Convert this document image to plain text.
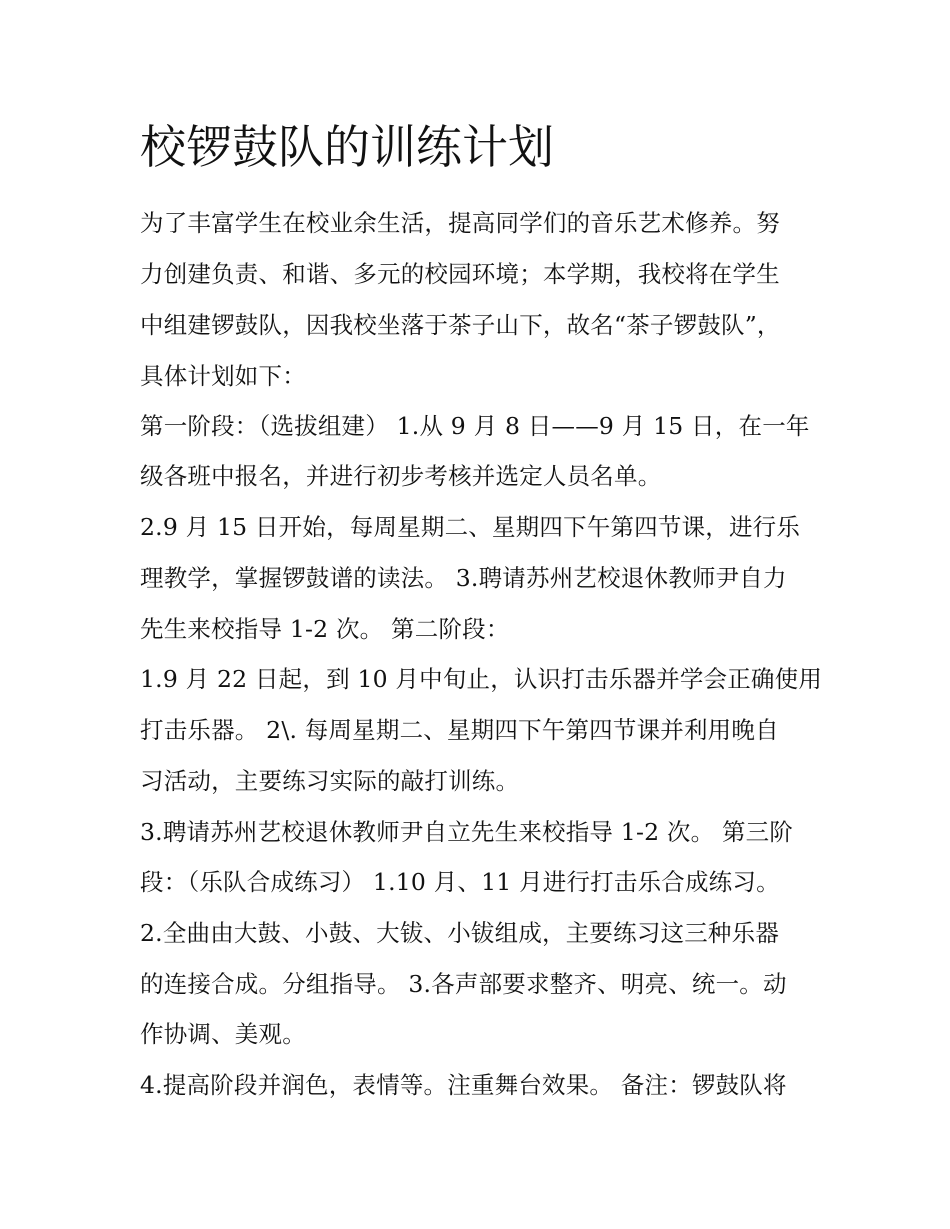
校锣鼓队的训练计划
为了丰富学生在校业余生活，提高同学们的音乐艺术修养。努
力创建负责、和谐、多元的校园环境；本学期，我校将在学生
中组建锣鼓队，因我校坐落于茶子山下，故名“茶子锣鼓队”，
具体计划如下：
第一阶段：（选拔组建） 1.从 9 月 8 日——9 月 15 日，在一年
级各班中报名，并进行初步考核并选定人员名单。
2.9 月 15 日开始，每周星期二、星期四下午第四节课，进行乐
理教学，掌握锣鼓谱的读法。 3.聘请苏州艺校退休教师尹自力
先生来校指导 1-2 次。 第二阶段：
1.9 月 22 日起，到 10 月中旬止，认识打击乐器并学会正确使用
打击乐器。 2\. 每周星期二、星期四下午第四节课并利用晚自
习活动，主要练习实际的敲打训练。
3.聘请苏州艺校退休教师尹自立先生来校指导 1-2 次。 第三阶
段：（乐队合成练习） 1.10 月、11 月进行打击乐合成练习。
2.全曲由大鼓、小鼓、大钹、小钹组成，主要练习这三种乐器
的连接合成。分组指导。 3.各声部要求整齐、明亮、统一。动
作协调、美观。
4.提高阶段并润色，表情等。注重舞台效果。 备注：锣鼓队将
